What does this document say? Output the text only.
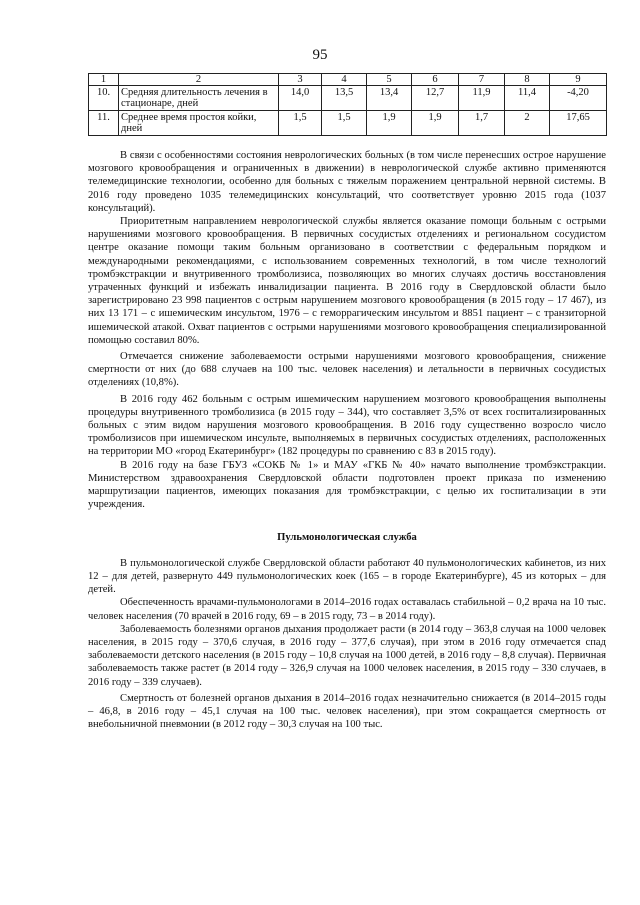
95
1	2	3	4	5	6	7	8	9
10.	Средняя длительность лечения в стационаре, дней	14,0	13,5	13,4	12,7	11,9	11,4	-4,20
11.	Среднее время простоя койки, дней	1,5	1,5	1,9	1,9	1,7	2	17,65

В связи с особенностями состояния неврологических больных (в том числе перенесших острое нарушение мозгового кровообращения и ограниченных в движении) в неврологической службе активно применяются телемедицинские технологии, особенно для больных с тяжелым поражением центральной нервной системы. В 2016 году проведено 1035 телемедицинских консультаций, что соответствует уровню 2015 года (1037 консультаций).

Приоритетным направлением неврологической службы является оказание помощи больным с острыми нарушениями мозгового кровообращения. В первичных сосудистых отделениях и региональном сосудистом центре оказание помощи таким больным организовано в соответствии с федеральным порядком и международными рекомендациями, с использованием современных технологий, в том числе технологий тромбэкстракции и внутривенного тромболизиса, позволяющих во многих случаях достичь восстановления утраченных функций и избежать инвалидизации пациента. В 2016 году в Свердловской области было зарегистрировано 23 998 пациентов с острым нарушением мозгового кровообращения (в 2015 году – 17 467), из них 13 171 – с ишемическим инсультом, 1976 – с геморрагическим инсультом и 8851 пациент – с транзиторной ишемической атакой. Охват пациентов с острыми нарушениями мозгового кровообращения специализированной помощью составил 80%.

Отмечается снижение заболеваемости острыми нарушениями мозгового кровообращения, снижение смертности от них (до 688 случаев на 100 тыс. человек населения) и летальности в первичных сосудистых отделениях (10,8%).

В 2016 году 462 больным с острым ишемическим нарушением мозгового кровообращения выполнены процедуры внутривенного тромболизиса (в 2015 году – 344), что составляет 3,5% от всех госпитализированных больных с этим видом нарушения мозгового кровообращения. В 2016 году существенно возросло число тромболизисов при ишемическом инсульте, выполняемых в первичных сосудистых отделениях, расположенных на территории МО «город Екатеринбург» (182 процедуры по сравнению с 83 в 2015 году).

В 2016 году на базе ГБУЗ «СОКБ № 1» и МАУ «ГКБ № 40» начато выполнение тромбэкстракции. Министерством здравоохранения Свердловской области подготовлен проект приказа по изменению маршрутизации пациентов, имеющих показания для тромбэкстракции, с целью их госпитализации в эти учреждения.

Пульмонологическая служба

В пульмонологической службе Свердловской области работают 40 пульмонологических кабинетов, из них 12 – для детей, развернуто 449 пульмонологических коек (165 – в городе Екатеринбурге), 45 из которых – для детей.

Обеспеченность врачами-пульмонологами в 2014–2016 годах оставалась стабильной – 0,2 врача на 10 тыс. человек населения (70 врачей в 2016 году, 69 – в 2015 году, 73 – в 2014 году).

Заболеваемость болезнями органов дыхания продолжает расти (в 2014 году – 363,8 случая на 1000 человек населения, в 2015 году – 370,6 случая, в 2016 году – 377,6 случая), при этом в 2016 году отмечается спад заболеваемости детского населения (в 2015 году – 10,8 случая на 1000 детей, в 2016 году – 8,8 случая). Первичная заболеваемость также растет (в 2014 году – 326,9 случая на 1000 человек населения, в 2015 году – 330 случаев, в 2016 году – 339 случаев).

Смертность от болезней органов дыхания в 2014–2016 годах незначительно снижается (в 2014–2015 годы – 46,8, в 2016 году – 45,1 случая на 100 тыс. человек населения), при этом сокращается смертность от внебольничной пневмонии (в 2012 году – 30,3 случая на 100 тыс.
